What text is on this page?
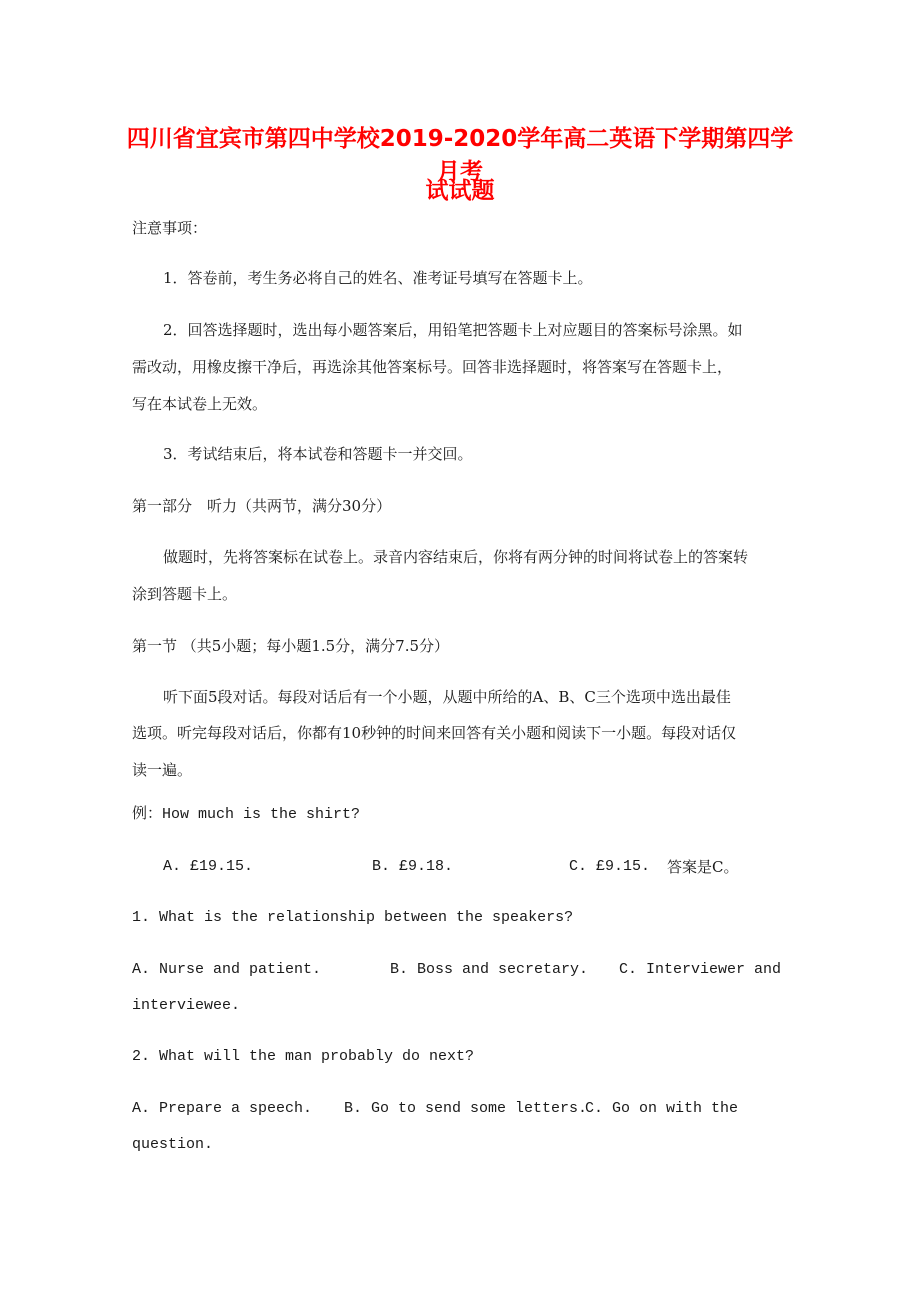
四川省宜宾市第四中学校2019-2020学年高二英语下学期第四学月考
试试题
注意事项：
1．答卷前，考生务必将自己的姓名、准考证号填写在答题卡上。
2．回答选择题时，选出每小题答案后，用铅笔把答题卡上对应题目的答案标号涂黑。如
需改动，用橡皮擦干净后，再选涂其他答案标号。回答非选择题时，将答案写在答题卡上，
写在本试卷上无效。
3．考试结束后，将本试卷和答题卡一并交回。
第一部分　听力（共两节，满分30分）
做题时，先将答案标在试卷上。录音内容结束后，你将有两分钟的时间将试卷上的答案转
涂到答题卡上。
第一节 （共5小题；每小题1.5分，满分7.5分）
听下面5段对话。每段对话后有一个小题，从题中所给的A、B、C三个选项中选出最佳
选项。听完每段对话后，你都有10秒钟的时间来回答有关小题和阅读下一小题。每段对话仅
读一遍。
例：How much is the shirt?
A. £19.15.	B. £9.18.	C. £9.15. 答案是C。
1. What is the relationship between the speakers?
A. Nurse and patient.	B. Boss and secretary. C. Interviewer and
interviewee.
2. What will the man probably do next?
A. Prepare a speech. B. Go to send some letters.
C. Go on with the
question.
